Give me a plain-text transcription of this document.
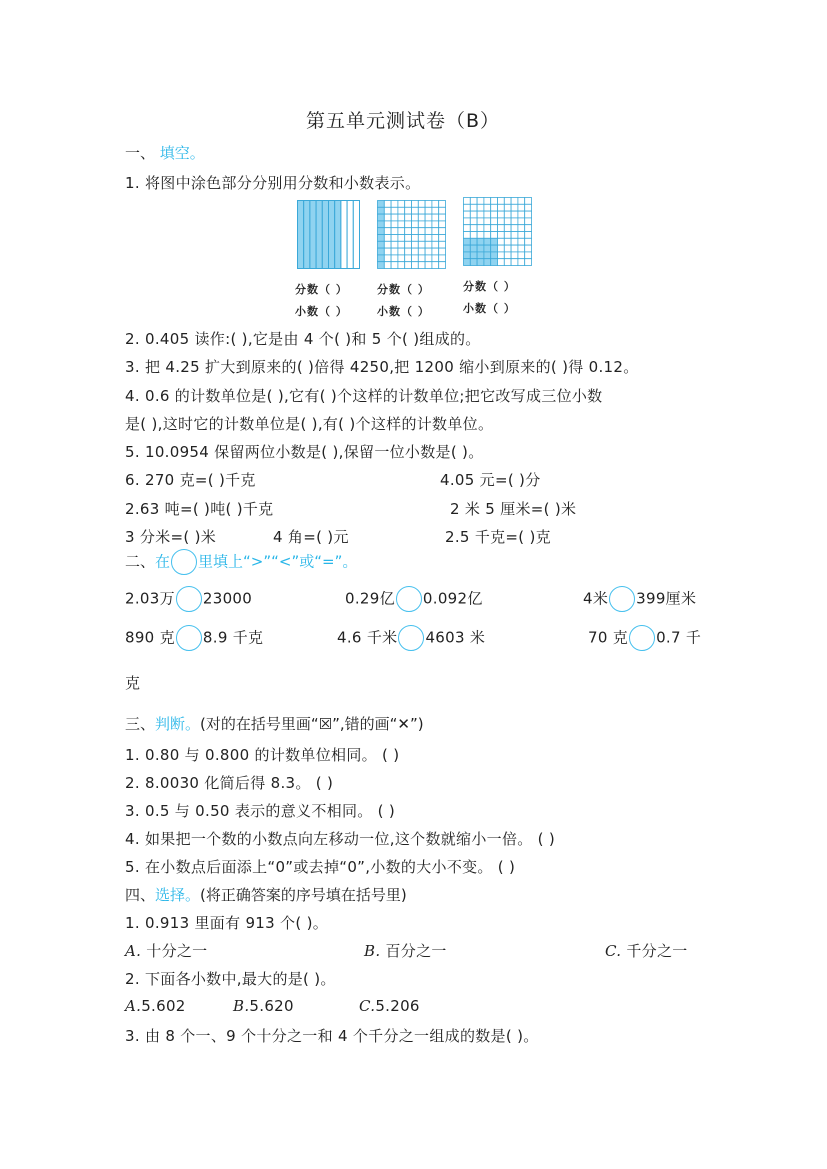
第五单元测试卷（B）
一、 填空。
1. 将图中涂色部分分别用分数和小数表示。
分数（ ）
小数（ ）
分数（ ）
小数（ ）
分数（ ）
小数（ ）
2. 0.405 读作:( ),它是由 4 个( )和 5 个( )组成的。
3. 把 4.25 扩大到原来的( )倍得 4250,把 1200 缩小到原来的( )得 0.12。
4. 0.6 的计数单位是( ),它有( )个这样的计数单位;把它改写成三位小数
是( ),这时它的计数单位是( ),有( )个这样的计数单位。
5. 10.0954 保留两位小数是( ),保留一位小数是( )。
6. 270 克=( )千克	4.05 元=( )分
2.63 吨=( )吨( )千克	2 米 5 厘米=( )米
3 分米=( )米	4 角=( )元	2.5 千克=( )克
二、在 里填上“>”“<”或“=”。
2.03万 23000	0.29亿 0.092亿	4米 399厘米
890 克 8.9 千克	4.6 千米 4603 米	70 克 0.7 千
克
三、判断。(对的在括号里画“☒”,错的画“✕”)
1. 0.80 与 0.800 的计数单位相同。 ( )
2. 8.0030 化简后得 8.3。 ( )
3. 0.5 与 0.50 表示的意义不相同。 ( )
4. 如果把一个数的小数点向左移动一位,这个数就缩小一倍。 ( )
5. 在小数点后面添上“0”或去掉“0”,小数的大小不变。 ( )
四、选择。(将正确答案的序号填在括号里)
1. 0.913 里面有 913 个( )。
A. 十分之一	B. 百分之一	C. 千分之一
2. 下面各小数中,最大的是( )。
A.5.602	B.5.620	C.5.206
3. 由 8 个一、9 个十分之一和 4 个千分之一组成的数是( )。
